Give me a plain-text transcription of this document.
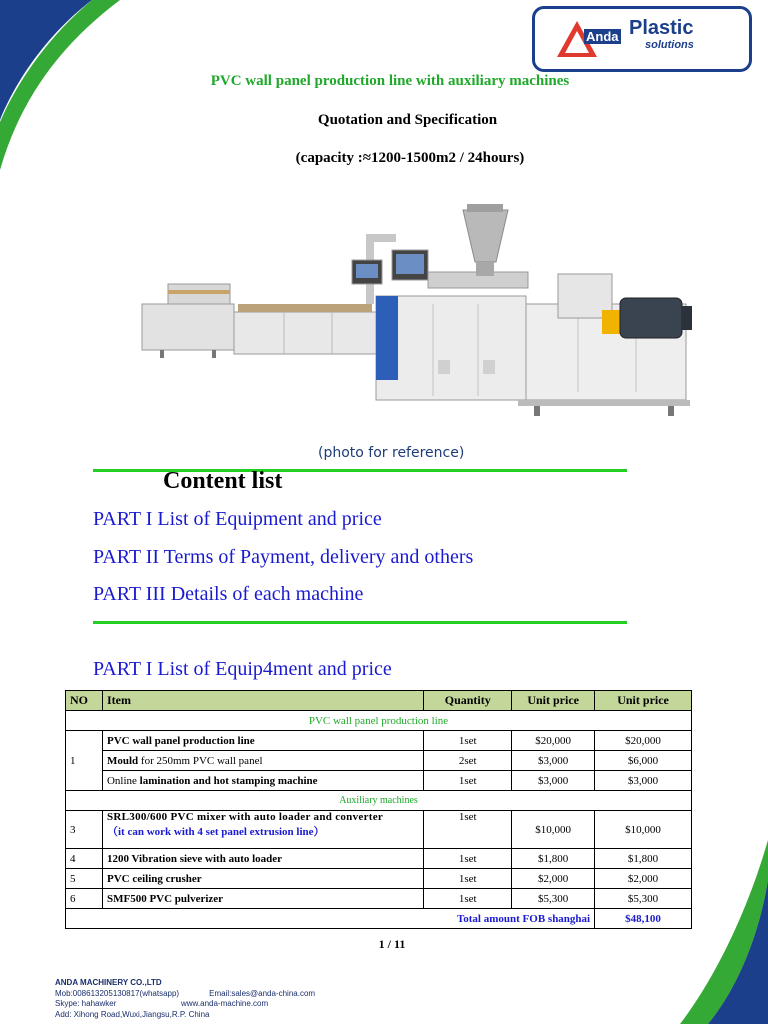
Anda Plastic
solutions
PVC wall panel production line with auxiliary machines
Quotation and Specification
(capacity :≈1200-1500m2 / 24hours)
(photo for reference)
Content list
PART I List of Equipment and price
PART II Terms of Payment, delivery and others
PART III Details of each machine
PART I List of Equip4ment and price
NO	Item	Quantity	Unit price	Unit price
PVC wall panel production line				
1	PVC wall panel production line	1set	$20,000	$20,000
	Mould for 250mm PVC wall panel	2set	$3,000	$6,000
	Online lamination and hot stamping machine	1set	$3,000	$3,000
Auxiliary machines				
3	SRL300/600 PVC mixer with auto loader and converter
（it can work with 4 set panel extrusion line）	1set	$10,000	$10,000
4	1200 Vibration sieve with auto loader	1set	$1,800	$1,800
5	PVC ceiling crusher	1set	$2,000	$2,000
6	SMF500 PVC pulverizer	1set	$5,300	$5,300
Total amount FOB shanghai				$48,100
1 / 11
ANDA MACHINERY CO.,LTD
Mob:008613205130817(whatsapp)	Email:sales@anda-china.com
Skype: hahawker	www.anda-machine.com
Add: Xihong Road,Wuxi,Jiangsu,R.P. China
